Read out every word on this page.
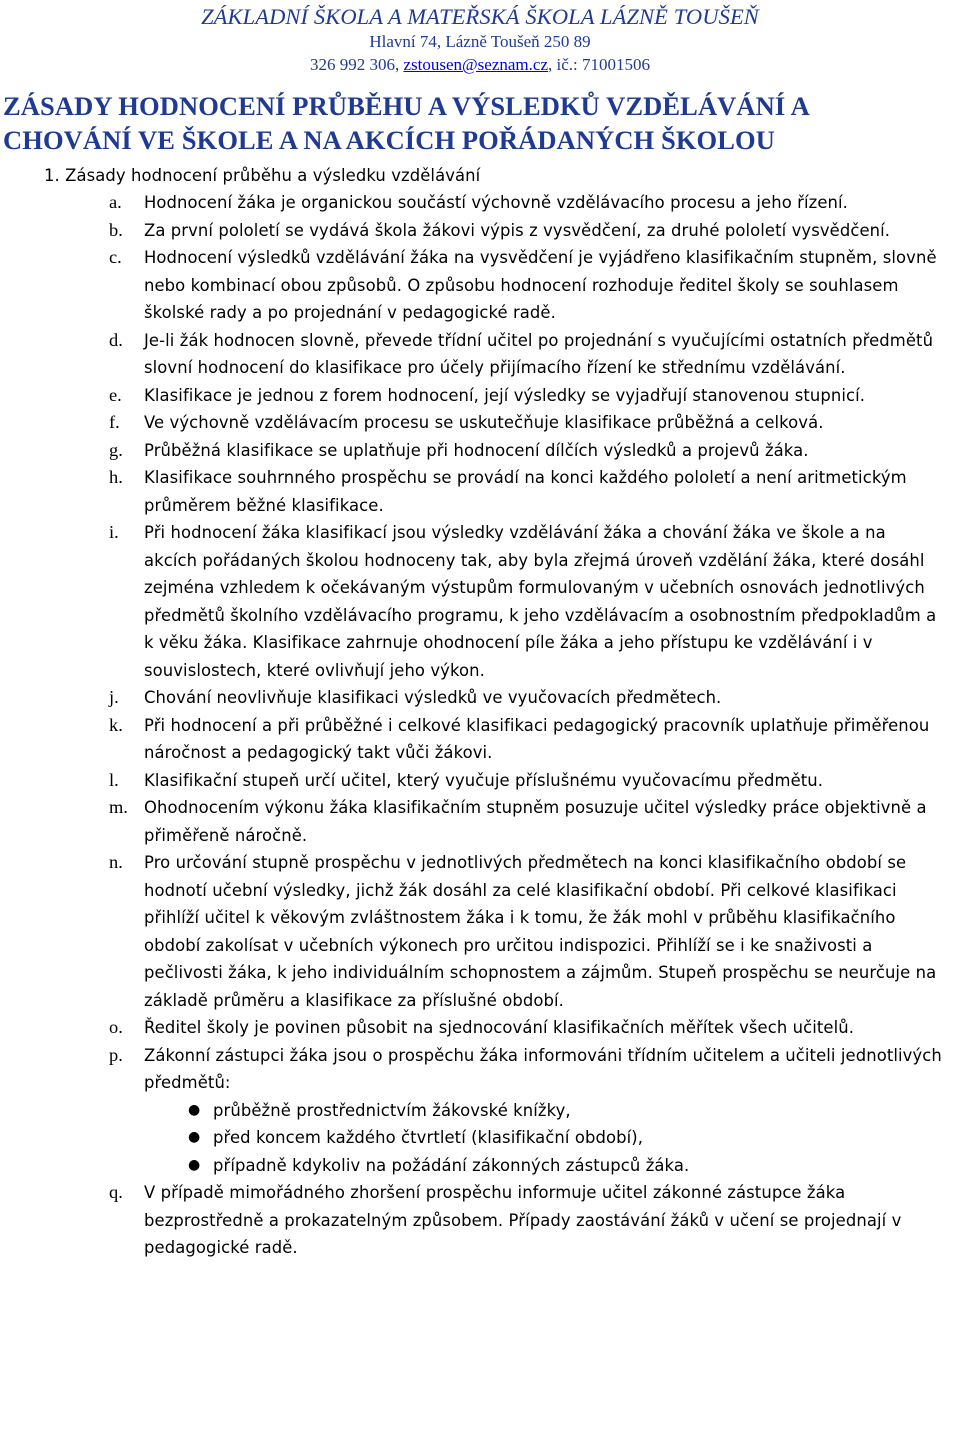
ZÁKLADNÍ ŠKOLA A MATEŘSKÁ ŠKOLA LÁZNĚ TOUŠEŇ
Hlavní 74, Lázně Toušeň 250 89
326 992 306, zstousen@seznam.cz, ič.: 71001506
ZÁSADY HODNOCENÍ PRŮBĚHU A VÝSLEDKŮ VZDĚLÁVÁNÍ A
CHOVÁNÍ VE ŠKOLE A NA AKCÍCH POŘÁDANÝCH ŠKOLOU
1. Zásady hodnocení průběhu a výsledku vzdělávání
a.	Hodnocení žáka je organickou součástí výchovně vzdělávacího procesu a jeho řízení.
b.	Za první pololetí se vydává škola žákovi výpis z vysvědčení, za druhé pololetí vysvědčení.
c.	Hodnocení výsledků vzdělávání žáka na vysvědčení je vyjádřeno klasifikačním stupněm, slovně nebo kombinací obou způsobů. O způsobu hodnocení rozhoduje ředitel školy se souhlasem školské rady a po projednání v pedagogické radě.
d.	Je-li žák hodnocen slovně, převede třídní učitel po projednání s vyučujícími ostatních předmětů slovní hodnocení do klasifikace pro účely přijímacího řízení ke střednímu vzdělávání.
e.	Klasifikace je jednou z forem hodnocení, její výsledky se vyjadřují stanovenou stupnicí.
f.	Ve výchovně vzdělávacím procesu se uskutečňuje klasifikace průběžná a celková.
g.	Průběžná klasifikace se uplatňuje při hodnocení dílčích výsledků a projevů žáka.
h.	Klasifikace souhrnného prospěchu se provádí na konci každého pololetí a není aritmetickým průměrem běžné klasifikace.
i.	Při hodnocení žáka klasifikací jsou výsledky vzdělávání žáka a chování žáka ve škole a na akcích pořádaných školou hodnoceny tak, aby byla zřejmá úroveň vzdělání žáka, které dosáhl zejména vzhledem k očekávaným výstupům formulovaným v učebních osnovách jednotlivých předmětů školního vzdělávacího programu, k jeho vzdělávacím a osobnostním předpokladům a k věku žáka. Klasifikace zahrnuje ohodnocení píle žáka a jeho přístupu ke vzdělávání i v souvislostech, které ovlivňují jeho výkon.
j.	Chování neovlivňuje klasifikaci výsledků ve vyučovacích předmětech.
k.	Při hodnocení a při průběžné i celkové klasifikaci pedagogický pracovník uplatňuje přiměřenou náročnost a pedagogický takt vůči žákovi.
l.	Klasifikační stupeň určí učitel, který vyučuje příslušnému vyučovacímu předmětu.
m. Ohodnocením výkonu žáka klasifikačním stupněm posuzuje učitel výsledky práce objektivně a přiměřeně náročně.
n.	Pro určování stupně prospěchu v jednotlivých předmětech na konci klasifikačního období se hodnotí učební výsledky, jichž žák dosáhl za celé klasifikační období. Při celkové klasifikaci přihlíží učitel k věkovým zvláštnostem žáka i k tomu, že žák mohl v průběhu klasifikačního období zakolísat v učebních výkonech pro určitou indispozici. Přihlíží se i ke snaživosti a pečlivosti žáka, k jeho individuálním schopnostem a zájmům. Stupeň prospěchu se neurčuje na základě průměru a klasifikace za příslušné období.
o.	Ředitel školy je povinen působit na sjednocování klasifikačních měřítek všech učitelů.
p.	Zákonní zástupci žáka jsou o prospěchu žáka informováni třídním učitelem a učiteli jednotlivých předmětů:
● průběžně prostřednictvím žákovské knížky,
● před koncem každého čtvrtletí (klasifikační období),
● případně kdykoliv na požádání zákonných zástupců žáka.
q.	V případě mimořádného zhoršení prospěchu informuje učitel zákonné zástupce žáka bezprostředně a prokazatelným způsobem. Případy zaostávání žáků v učení se projednají v pedagogické radě.
